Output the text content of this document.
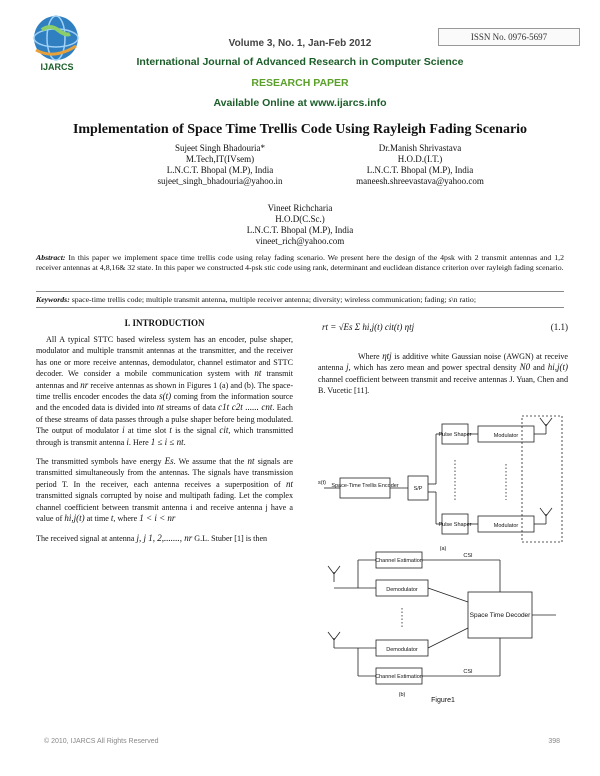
IJARCS
ISSN No. 0976-5697
Volume 3, No. 1, Jan-Feb 2012
International Journal of Advanced Research in Computer Science
RESEARCH PAPER
Available Online at www.ijarcs.info
Implementation of Space Time Trellis Code Using Rayleigh Fading Scenario
Sujeet Singh Bhadouria*
M.Tech,IT(IVsem)
L.N.C.T. Bhopal (M.P), India
sujeet_singh_bhadouria@yahoo.in
Dr.Manish Shrivastava
H.O.D.(I.T.)
L.N.C.T. Bhopal (M.P), India
maneesh.shreevastava@yahoo.com
Vineet Richcharia
H.O.D(C.Sc.)
L.N.C.T. Bhopal (M.P), India
vineet_rich@yahoo.com
Abstract: In this paper we implement space time trellis code using relay fading scenario. We present here the design of the 4psk with 2 transmit antennas and 1,2 receiver antennas at 4,8,16& 32 state. In this paper we constructed 4-psk stic code using rank, determinant and euclidean distance criterion over rayleigh fading scenario.
Keywords: space-time trellis code; multiple transmit antenna, multiple receiver antenna; diversity; wireless communication; fading; s\n ratio;
I. INTRODUCTION
All A typical STTC based wireless system has an encoder, pulse shaper, modulator and multiple transmit antennas at the transmitter, and the receiver has one or more receive antennas, demodulator, channel estimator and STTC decoder. We consider a mobile communication system with nt transmit antennas and nr receive antennas as shown in Figures 1 (a) and (b). The space-time trellis encoder encodes the data s(t) coming from the information source and the encoded data is divided into nt streams of data c1t c2t ...... cnt. Each of these streams of data passes through a pulse shaper before being modulated. The output of modulator i at time slot t is the signal cit, which transmitted through is transmit antenna i. Here 1 ≤ i ≤ nt.
The transmitted symbols have energy Es. We assume that the nt signals are transmitted simultaneously from the antennas. The signals have transmission period T. In the receiver, each antenna receives a superposition of nt transmitted signals corrupted by noise and multipath fading. Let the complex channel coefficient between transmit antenna i and receive antenna j have a value of hi,j(t) at time t, where 1 < i < nr
The received signal at antenna j, j 1, 2,......., nr G.L. Stuber [1] is then
rt = √Es Σ hi,j(t) cit(t) ηtj	(1.1)
Where ηtj is additive white Gaussian noise (AWGN) at receive antenna j, which has zero mean and power spectral density N0 and hi,j(t) channel coefficient between transmit and receive antennas J. Yuan, Chen and B. Vucetic [11].
s(t) Space-Time Trellis Encoder	S/P
Pulse Shaper
Pulse Shaper
Modulator
Modulator
(a)
Channel Estimation
Channel Estimation
Demodulator
Demodulator
Space Time Decoder
CSI
CSI
(b)
Figure1
© 2010, IJARCS All Rights Reserved	398
